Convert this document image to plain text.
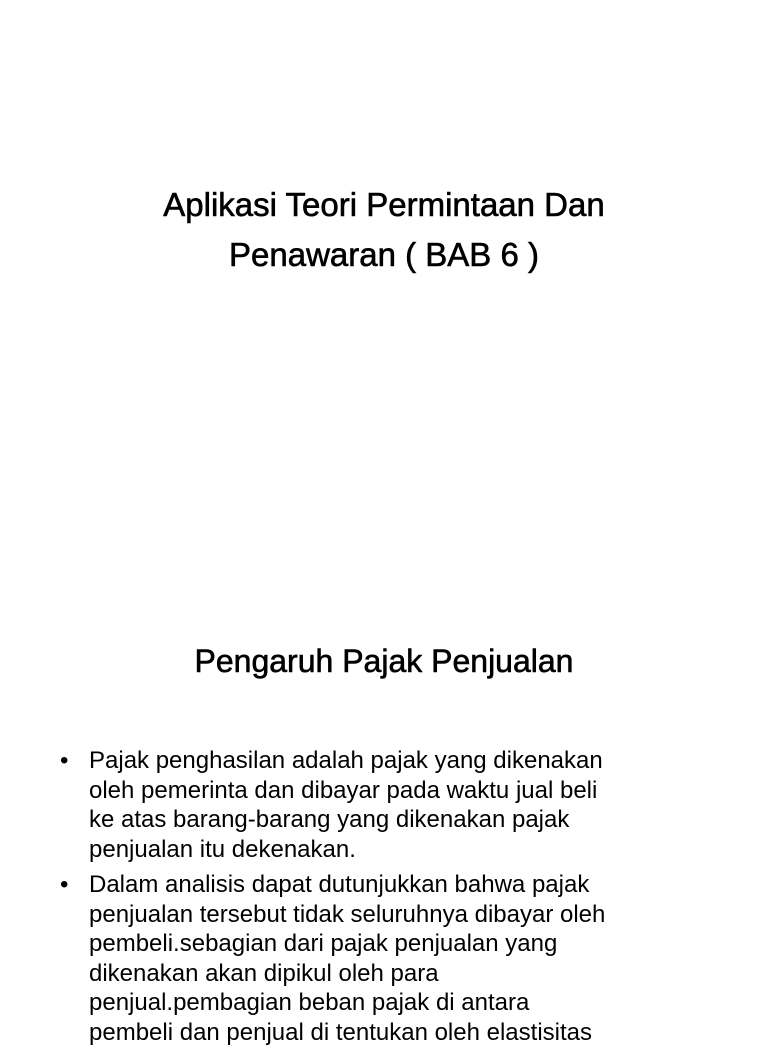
Aplikasi Teori Permintaan Dan
Penawaran ( BAB 6 )
Pengaruh Pajak Penjualan
• Pajak penghasilan adalah pajak yang dikenakan
oleh pemerinta dan dibayar pada waktu jual beli
ke atas barang-barang yang dikenakan pajak
penjualan itu dekenakan.
• Dalam analisis dapat dutunjukkan bahwa pajak
penjualan tersebut tidak seluruhnya dibayar oleh
pembeli.sebagian dari pajak penjualan yang
dikenakan akan dipikul oleh para
penjual.pembagian beban pajak di antara
pembeli dan penjual di tentukan oleh elastisitas
